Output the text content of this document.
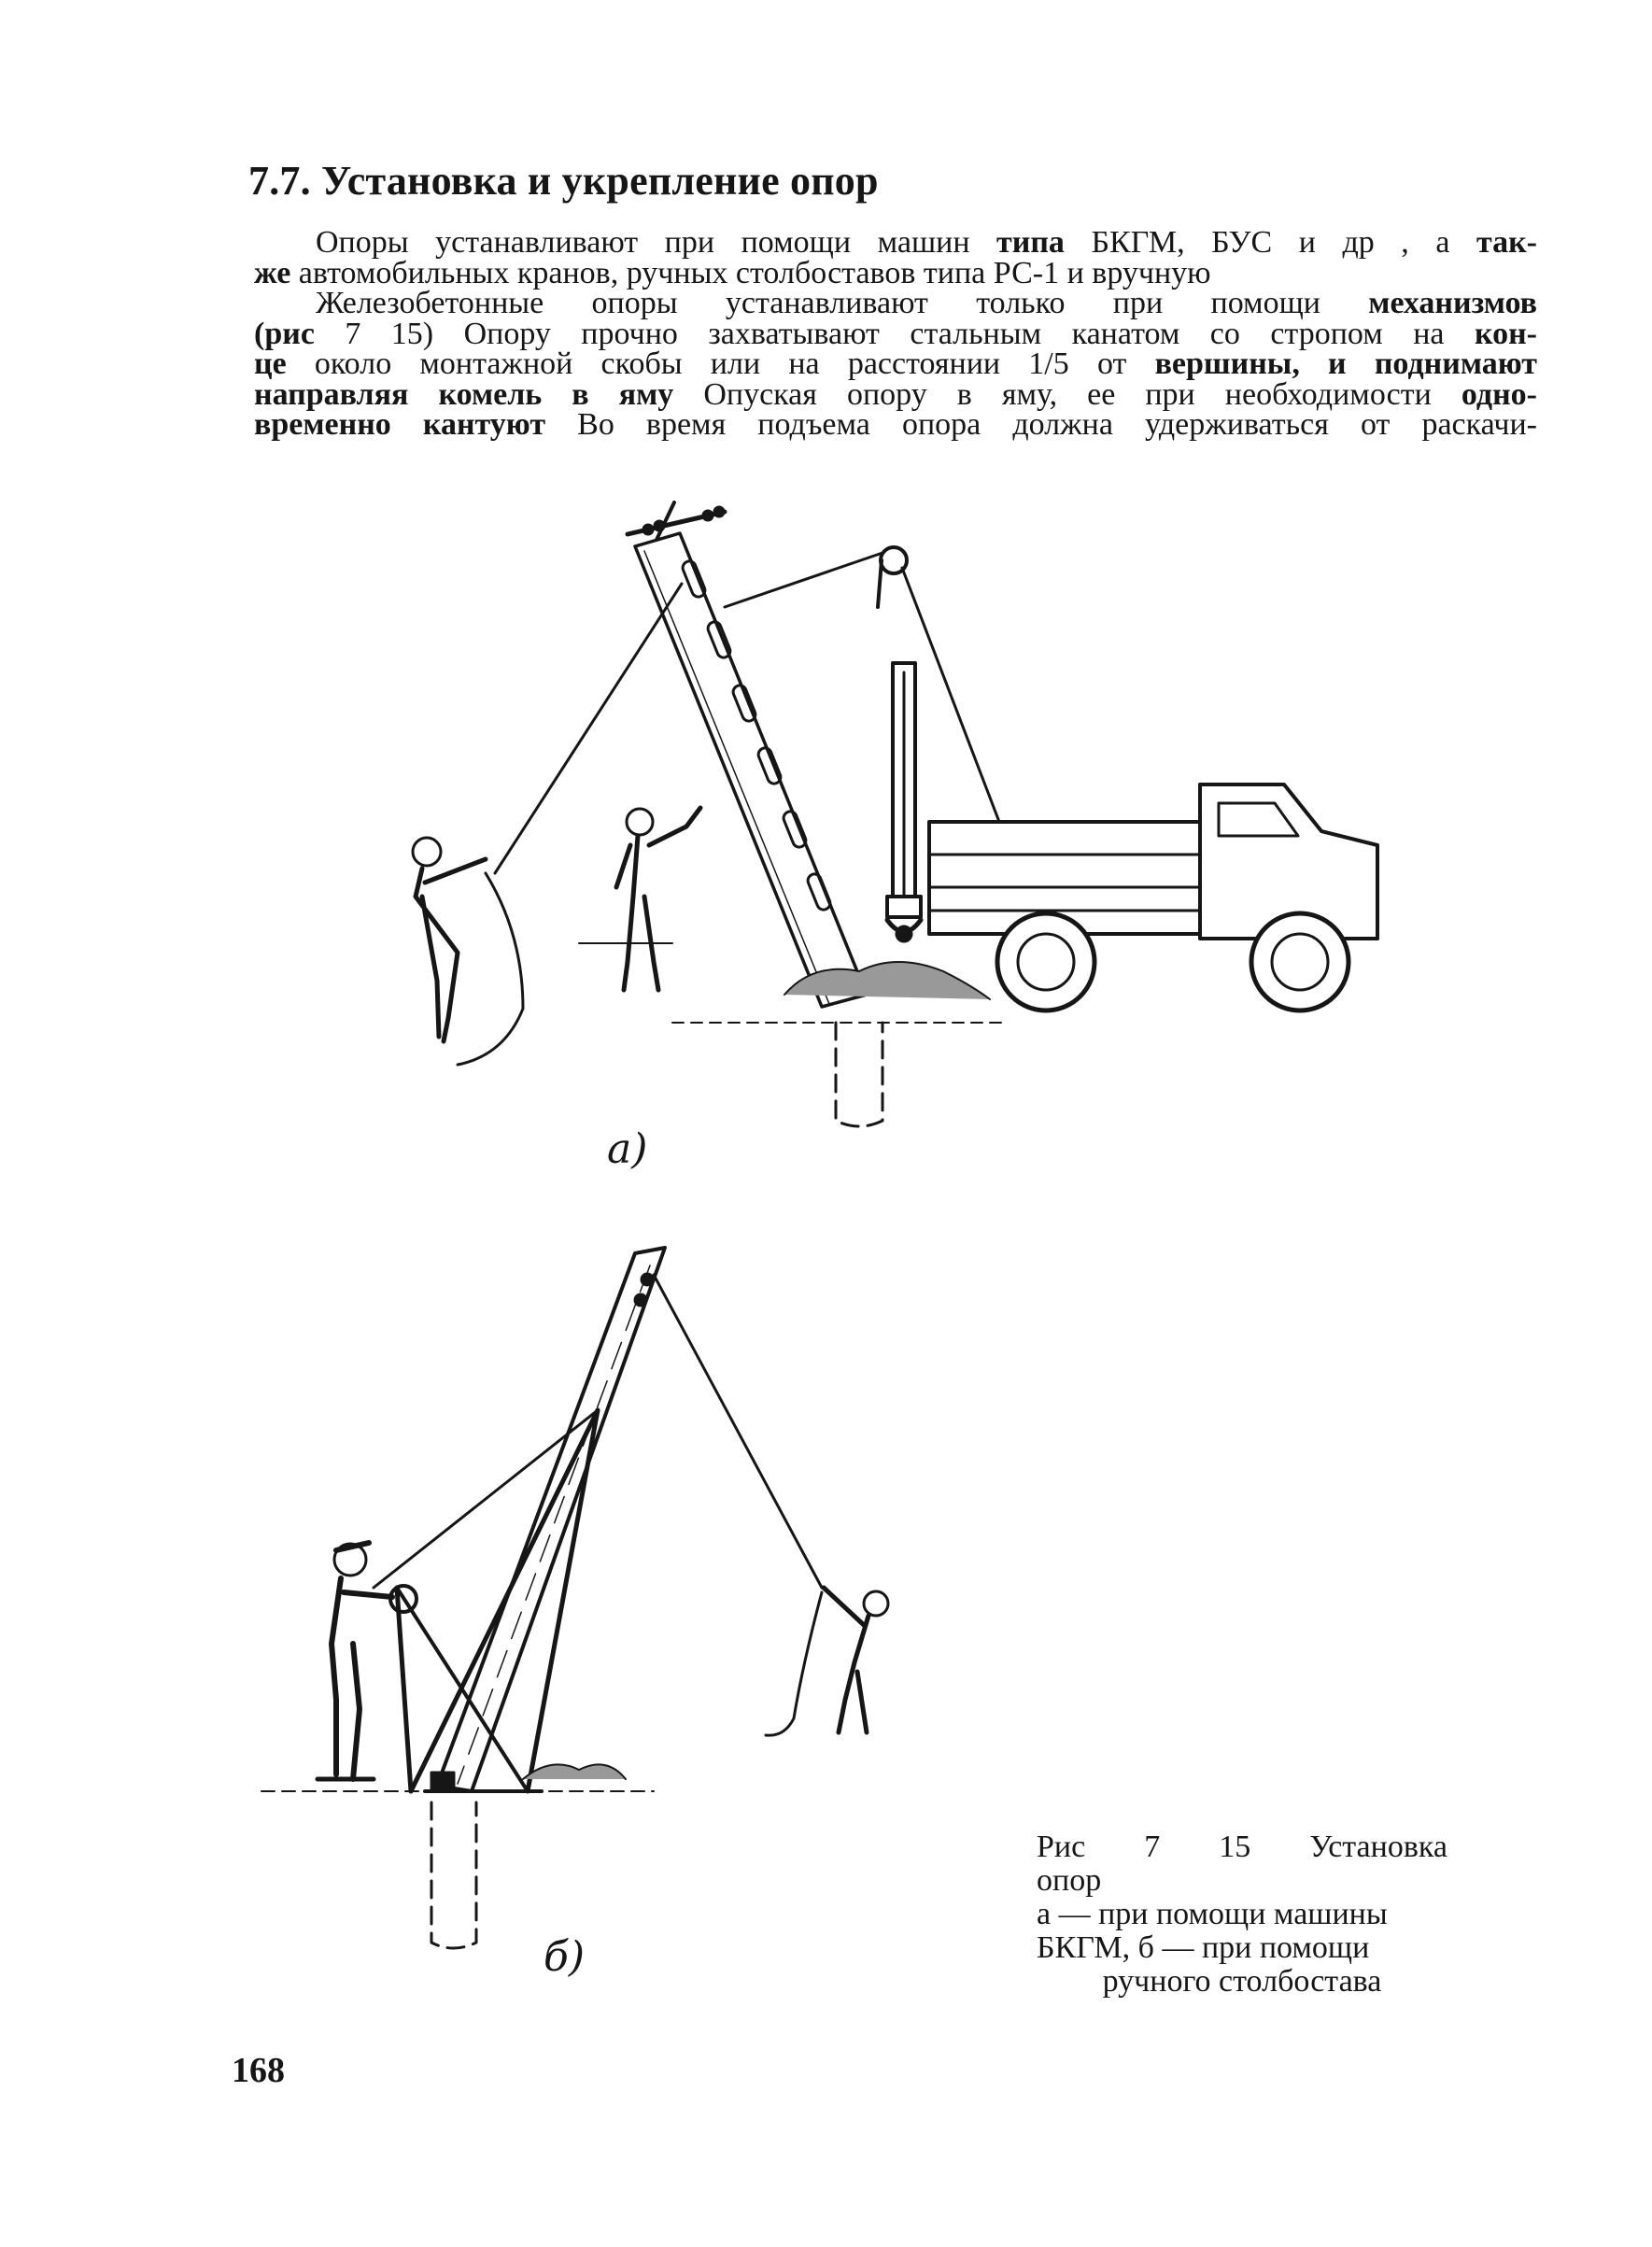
7.7. Установка и укрепление опор
Опоры устанавливают при помощи машин типа БКГМ, БУС и др , а так-
же автомобильных кранов, ручных столбоставов типа РС-1 и вручную
Железобетонные опоры устанавливают только при помощи механизмов
(рис 7 15) Опору прочно захватывают стальным канатом со стропом на кон-
це около монтажной скобы или на расстоянии 1/5 от вершины, и поднимают
направляя комель в яму Опуская опору в яму, ее при необходимости одно-
временно кантуют Во время подъема опора должна удерживаться от раскачи-
а)
б)
Рис 7 15 Установка
опор
а — при помощи машины
БКГМ, б — при помощи
ручного столбостава
168
